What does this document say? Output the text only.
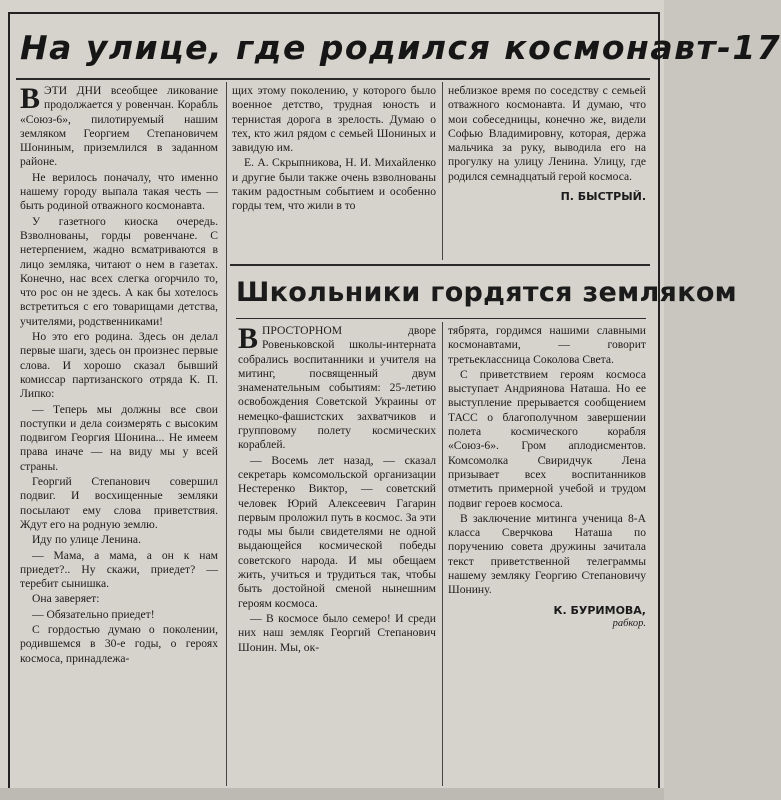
На улице, где родился космонавт-17
В ЭТИ ДНИ всеобщее ликование продолжается у ровенчан. Корабль «Союз-6», пилотируемый нашим земляком Георгием Степановичем Шониным, приземлился в заданном районе.

Не верилось поначалу, что именно нашему городу выпала такая честь — быть родиной отважного космонавта.

У газетного киоска очередь. Взволнованы, горды ровенчане. С нетерпением, жадно всматриваются в лицо земляка, читают о нем в газетах. Конечно, нас всех слегка огорчило то, что рос он не здесь. А как бы хотелось встретиться с его товарищами детства, учителями, родственниками!

Но это его родина. Здесь он делал первые шаги, здесь он произнес первые слова. И хорошо сказал бывший комиссар партизанского отряда К. П. Липко:

— Теперь мы должны все свои поступки и дела соизмерять с высоким подвигом Георгия Шонина... Не имеем права иначе — на виду мы у всей страны.

Георгий Степанович совершил подвиг. И восхищенные земляки посылают ему слова приветствия. Ждут его на родную землю.

Иду по улице Ленина.

— Мама, а мама, а он к нам приедет?.. Ну скажи, приедет? — теребит сынишка.

Она заверяет:

— Обязательно приедет!

С гордостью думаю о поколении, родившемся в 30-е годы, о героях космоса, принадлежа-

щих этому поколению, у которого было военное детство, трудная юность и тернистая дорога в зрелость. Думаю о тех, кто жил рядом с семьей Шониных и завидую им.

Е. А. Скрыпникова, Н. И. Михайленко и другие были также очень взволнованы таким радостным событием и особенно горды тем, что жили в то

неблизкое время по соседству с семьей отважного космонавта. И думаю, что мои собеседницы, конечно же, видели Софью Владимировну, которая, держа мальчика за руку, выводила его на прогулку на улицу Ленина. Улицу, где родился семнадцатый герой космоса.

П. БЫСТРЫЙ.
Школьники гордятся земляком
В ПРОСТОРНОМ дворе Ровеньковской школы-интерната собрались воспитанники и учителя на митинг, посвященный двум знаменательным событиям: 25-летию освобождения Советской Украины от немецко-фашистских захватчиков и групповому полету космических кораблей.

— Восемь лет назад, — сказал секретарь комсомольской организации Нестеренко Виктор, — советский человек Юрий Алексеевич Гагарин первым проложил путь в космос. За эти годы мы были свидетелями не одной выдающейся космической победы советского народа. И мы обещаем жить, учиться и трудиться так, чтобы быть достойной сменой нынешним героям космоса.

— В космосе было семеро! И среди них наш земляк Георгий Степанович Шонин. Мы, ок-

тябрята, гордимся нашими славными космонавтами, — говорит третьеклассница Соколова Света.

С приветствием героям космоса выступает Андриянова Наташа. Но ее выступление прерывается сообщением ТАСС о благополучном завершении полета космического корабля «Союз-6». Гром аплодисментов. Комсомолка Свиридчук Лена призывает всех воспитанников отметить примерной учебой и трудом подвиг героев космоса.

В заключение митинга ученица 8-А класса Сверчкова Наташа по поручению совета дружины зачитала текст приветственной телеграммы нашему земляку Георгию Степановичу Шонину.

К. БУРИМОВА,
рабкор.
